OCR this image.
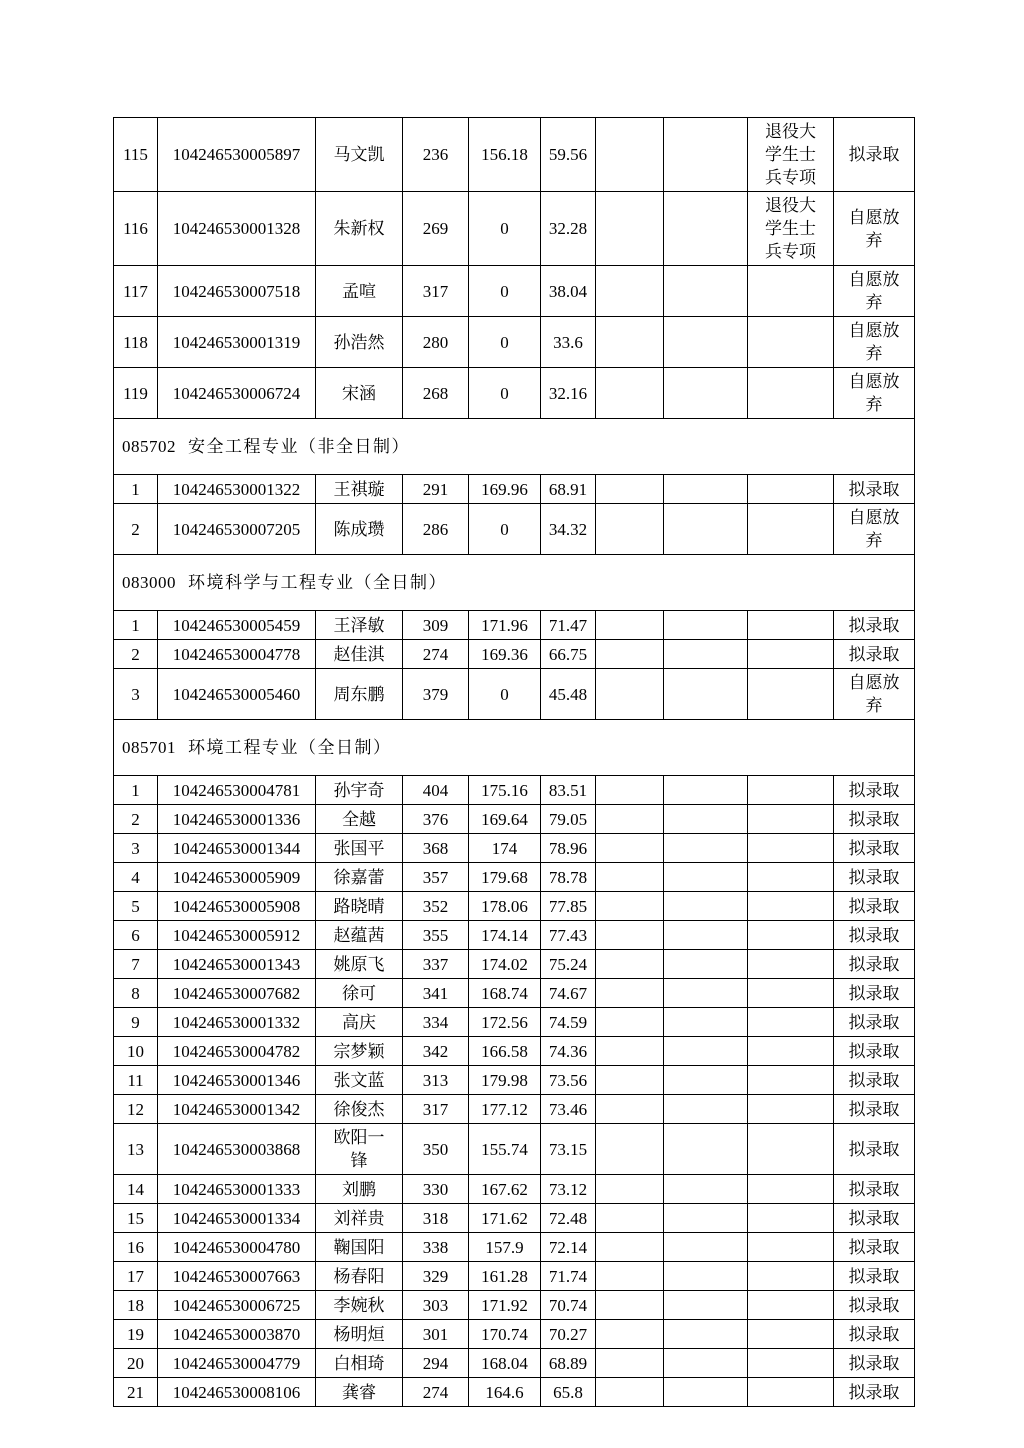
115	104246530005897	马文凯	236	156.18	59.56			退役大学生士兵专项	拟录取
116	104246530001328	朱新权	269	0	32.28			退役大学生士兵专项	自愿放弃
117	104246530007518	孟喧	317	0	38.04				自愿放弃
118	104246530001319	孙浩然	280	0	33.6				自愿放弃
119	104246530006724	宋涵	268	0	32.16				自愿放弃
085702 安全工程专业（非全日制）									
1	104246530001322	王祺璇	291	169.96	68.91				拟录取
2	104246530007205	陈成瓒	286	0	34.32				自愿放弃
083000 环境科学与工程专业（全日制）									
1	104246530005459	王泽敏	309	171.96	71.47				拟录取
2	104246530004778	赵佳淇	274	169.36	66.75				拟录取
3	104246530005460	周东鹏	379	0	45.48				自愿放弃
085701 环境工程专业（全日制）									
1	104246530004781	孙宇奇	404	175.16	83.51				拟录取
2	104246530001336	全越	376	169.64	79.05				拟录取
3	104246530001344	张国平	368	174	78.96				拟录取
4	104246530005909	徐嘉蕾	357	179.68	78.78				拟录取
5	104246530005908	路晓晴	352	178.06	77.85				拟录取
6	104246530005912	赵蕴茜	355	174.14	77.43				拟录取
7	104246530001343	姚原飞	337	174.02	75.24				拟录取
8	104246530007682	徐可	341	168.74	74.67				拟录取
9	104246530001332	高庆	334	172.56	74.59				拟录取
10	104246530004782	宗梦颖	342	166.58	74.36				拟录取
11	104246530001346	张文蓝	313	179.98	73.56				拟录取
12	104246530001342	徐俊杰	317	177.12	73.46				拟录取
13	104246530003868	欧阳一锋	350	155.74	73.15				拟录取
14	104246530001333	刘鹏	330	167.62	73.12				拟录取
15	104246530001334	刘祥贵	318	171.62	72.48				拟录取
16	104246530004780	鞠国阳	338	157.9	72.14				拟录取
17	104246530007663	杨春阳	329	161.28	71.74				拟录取
18	104246530006725	李婉秋	303	171.92	70.74				拟录取
19	104246530003870	杨明烜	301	170.74	70.27				拟录取
20	104246530004779	白相琦	294	168.04	68.89				拟录取
21	104246530008106	龚睿	274	164.6	65.8				拟录取
